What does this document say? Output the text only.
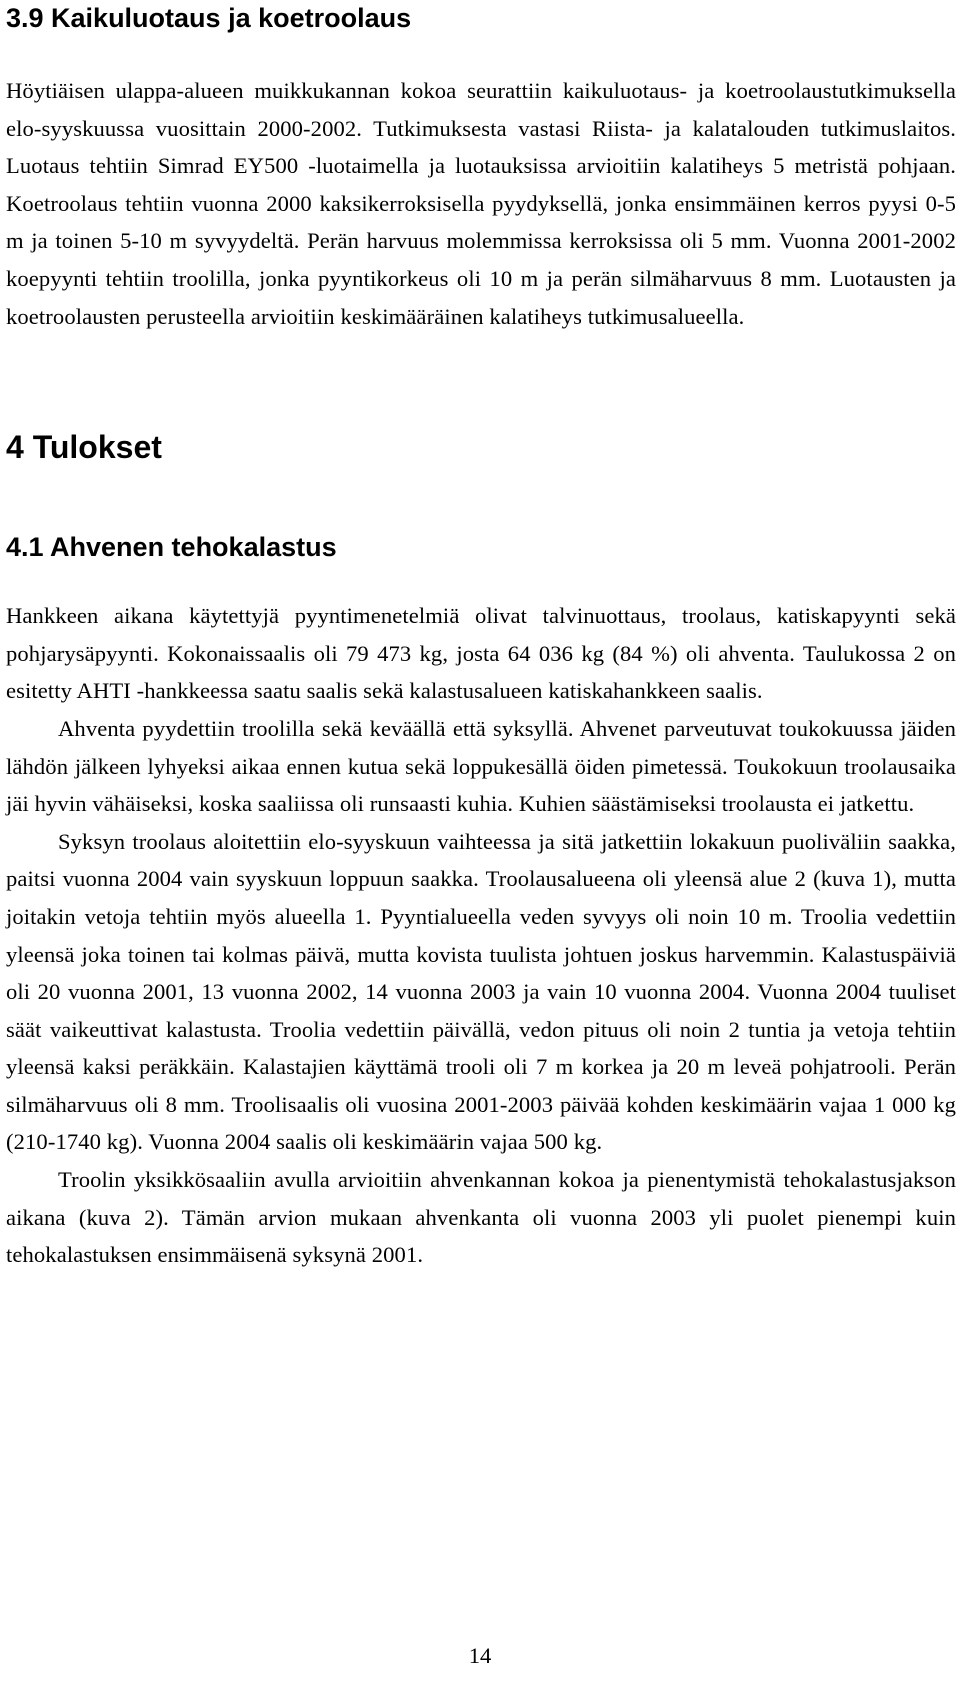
3.9 Kaikuluotaus ja koetroolaus

Höytiäisen ulappa-alueen muikkukannan kokoa seurattiin kaikuluotaus- ja koetroolaustutkimuksella elo-syyskuussa vuosittain 2000-2002. Tutkimuksesta vastasi Riista- ja kalatalouden tutkimuslaitos. Luotaus tehtiin Simrad EY500 -luotaimella ja luotauksissa arvioitiin kalatiheys 5 metristä pohjaan. Koetroolaus tehtiin vuonna 2000 kaksikerroksisella pyydyksellä, jonka ensimmäinen kerros pyysi 0-5 m ja toinen 5-10 m syvyydeltä. Perän harvuus molemmissa kerroksissa oli 5 mm. Vuonna 2001-2002 koepyynti tehtiin troolilla, jonka pyyntikorkeus oli 10 m ja perän silmäharvuus 8 mm. Luotausten ja koetroolausten perusteella arvioitiin keskimääräinen kalatiheys tutkimusalueella.

4 Tulokset
4.1 Ahvenen tehokalastus

Hankkeen aikana käytettyjä pyyntimenetelmiä olivat talvinuottaus, troolaus, katiskapyynti sekä pohjarysäpyynti. Kokonaissaalis oli 79 473 kg, josta 64 036 kg (84 %) oli ahventa. Taulukossa 2 on esitetty AHTI -hankkeessa saatu saalis sekä kalastusalueen katiskahankkeen saalis.

Ahventa pyydettiin troolilla sekä keväällä että syksyllä. Ahvenet parveutuvat toukokuussa jäiden lähdön jälkeen lyhyeksi aikaa ennen kutua sekä loppukesällä öiden pimetessä. Toukokuun troolausaika jäi hyvin vähäiseksi, koska saaliissa oli runsaasti kuhia. Kuhien säästämiseksi troolausta ei jatkettu.

Syksyn troolaus aloitettiin elo-syyskuun vaihteessa ja sitä jatkettiin lokakuun puoliväliin saakka, paitsi vuonna 2004 vain syyskuun loppuun saakka. Troolausalueena oli yleensä alue 2 (kuva 1), mutta joitakin vetoja tehtiin myös alueella 1. Pyyntialueella veden syvyys oli noin 10 m. Troolia vedettiin yleensä joka toinen tai kolmas päivä, mutta kovista tuulista johtuen joskus harvemmin. Kalastuspäiviä oli 20 vuonna 2001, 13 vuonna 2002, 14 vuonna 2003 ja vain 10 vuonna 2004. Vuonna 2004 tuuliset säät vaikeuttivat kalastusta. Troolia vedettiin päivällä, vedon pituus oli noin 2 tuntia ja vetoja tehtiin yleensä kaksi peräkkäin. Kalastajien käyttämä trooli oli 7 m korkea ja 20 m leveä pohjatrooli. Perän silmäharvuus oli 8 mm. Troolisaalis oli vuosina 2001-2003 päivää kohden keskimäärin vajaa 1 000 kg (210-1740 kg). Vuonna 2004 saalis oli keskimäärin vajaa 500 kg.

Troolin yksikkösaaliin avulla arvioitiin ahvenkannan kokoa ja pienentymistä tehokalastusjakson aikana (kuva 2). Tämän arvion mukaan ahvenkanta oli vuonna 2003 yli puolet pienempi kuin tehokalastuksen ensimmäisenä syksynä 2001.

14
